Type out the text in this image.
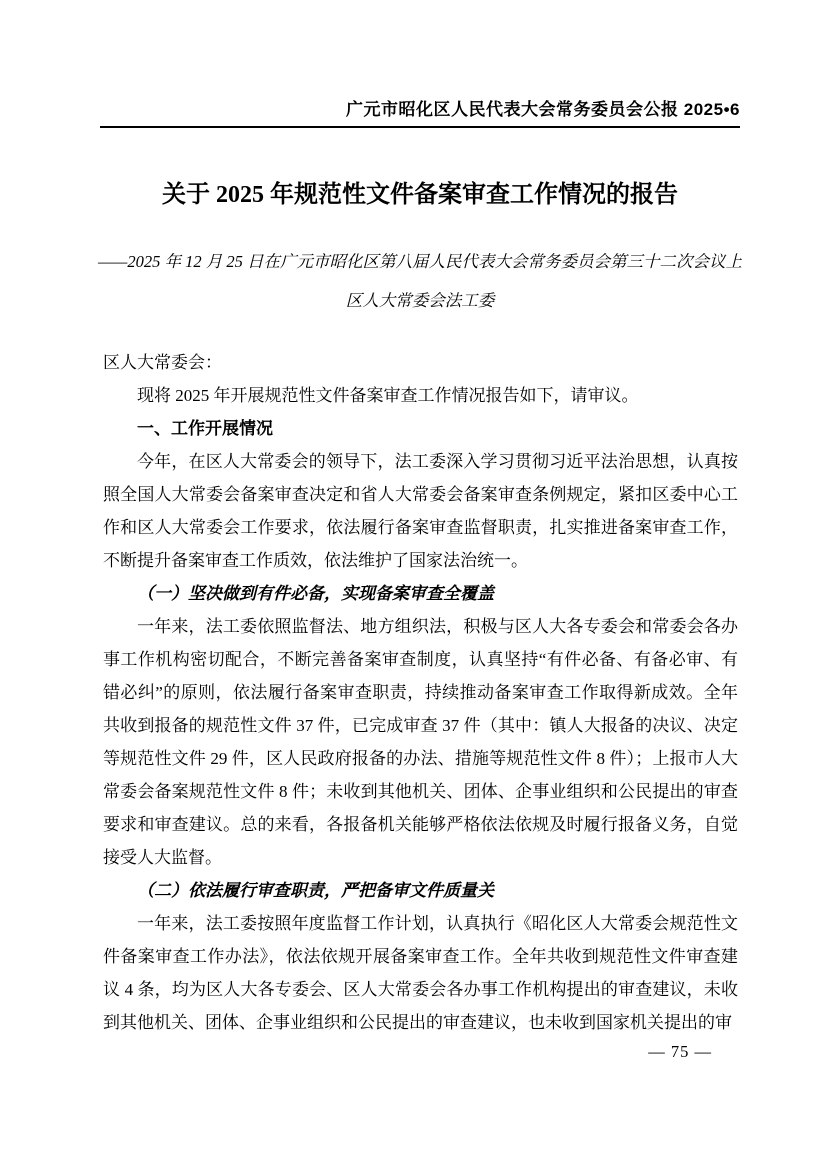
广元市昭化区人民代表大会常务委员会公报 2025•6
关于 2025 年规范性文件备案审查工作情况的报告
——2025 年 12 月 25 日在广元市昭化区第八届人民代表大会常务委员会第三十二次会议上
区人大常委会法工委

区人大常委会：

现将 2025 年开展规范性文件备案审查工作情况报告如下，请审议。

一、工作开展情况

今年，在区人大常委会的领导下，法工委深入学习贯彻习近平法治思想，认真按照全国人大常委会备案审查决定和省人大常委会备案审查条例规定，紧扣区委中心工作和区人大常委会工作要求，依法履行备案审查监督职责，扎实推进备案审查工作，不断提升备案审查工作质效，依法维护了国家法治统一。

（一）坚决做到有件必备，实现备案审查全覆盖

一年来，法工委依照监督法、地方组织法，积极与区人大各专委会和常委会各办事工作机构密切配合，不断完善备案审查制度，认真坚持“有件必备、有备必审、有错必纠”的原则，依法履行备案审查职责，持续推动备案审查工作取得新成效。全年共收到报备的规范性文件 37 件，已完成审查 37 件（其中：镇人大报备的决议、决定等规范性文件 29 件，区人民政府报备的办法、措施等规范性文件 8 件）；上报市人大常委会备案规范性文件 8 件；未收到其他机关、团体、企事业组织和公民提出的审查要求和审查建议。总的来看，各报备机关能够严格依法依规及时履行报备义务，自觉接受人大监督。

（二）依法履行审查职责，严把备审文件质量关

一年来，法工委按照年度监督工作计划，认真执行《昭化区人大常委会规范性文件备案审查工作办法》，依法依规开展备案审查工作。全年共收到规范性文件审查建议 4 条，均为区人大各专委会、区人大常委会各办事工作机构提出的审查建议，未收到其他机关、团体、企事业组织和公民提出的审查建议，也未收到国家机关提出的审

— 75 —
